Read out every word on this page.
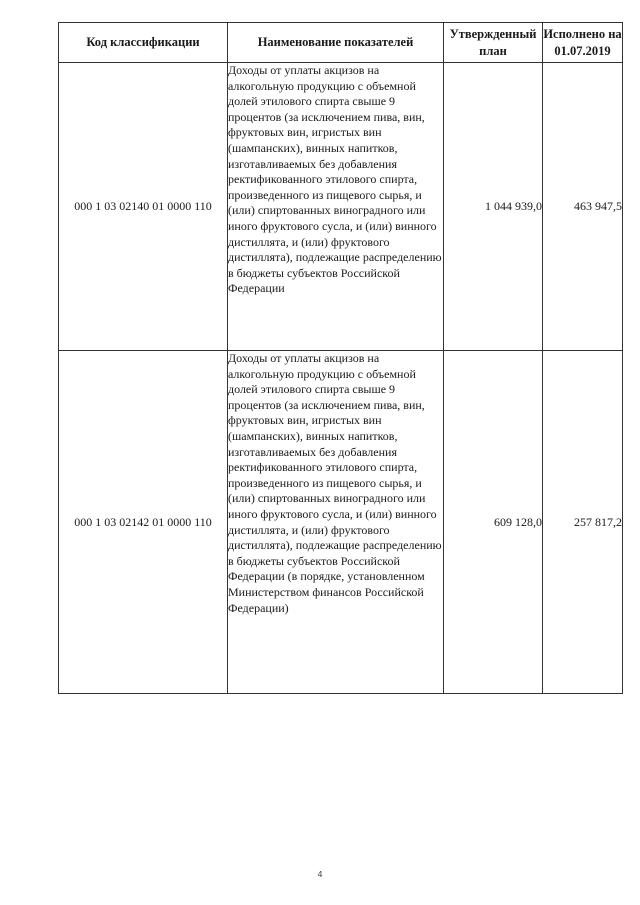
Код классификации	Наименование показателей	Утвержденный план	Исполнено на 01.07.2019
000 1 03 02140 01 0000 110	Доходы от уплаты акцизов на алкогольную продукцию с объемной долей этилового спирта свыше 9 процентов (за исключением пива, вин, фруктовых вин, игристых вин (шампанских), винных напитков, изготавливаемых без добавления ректификованного этилового спирта, произведенного из пищевого сырья, и (или) спиртованных виноградного или иного фруктового сусла, и (или) винного дистиллята, и (или) фруктового дистиллята), подлежащие распределению в бюджеты субъектов Российской Федерации	1 044 939,0	463 947,5
000 1 03 02142 01 0000 110	Доходы от уплаты акцизов на алкогольную продукцию с объемной долей этилового спирта свыше 9 процентов (за исключением пива, вин, фруктовых вин, игристых вин (шампанских), винных напитков, изготавливаемых без добавления ректификованного этилового спирта, произведенного из пищевого сырья, и (или) спиртованных виноградного или иного фруктового сусла, и (или) винного дистиллята, и (или) фруктового дистиллята), подлежащие распределению в бюджеты субъектов Российской Федерации (в порядке, установленном Министерством финансов Российской Федерации)	609 128,0	257 817,2
4
